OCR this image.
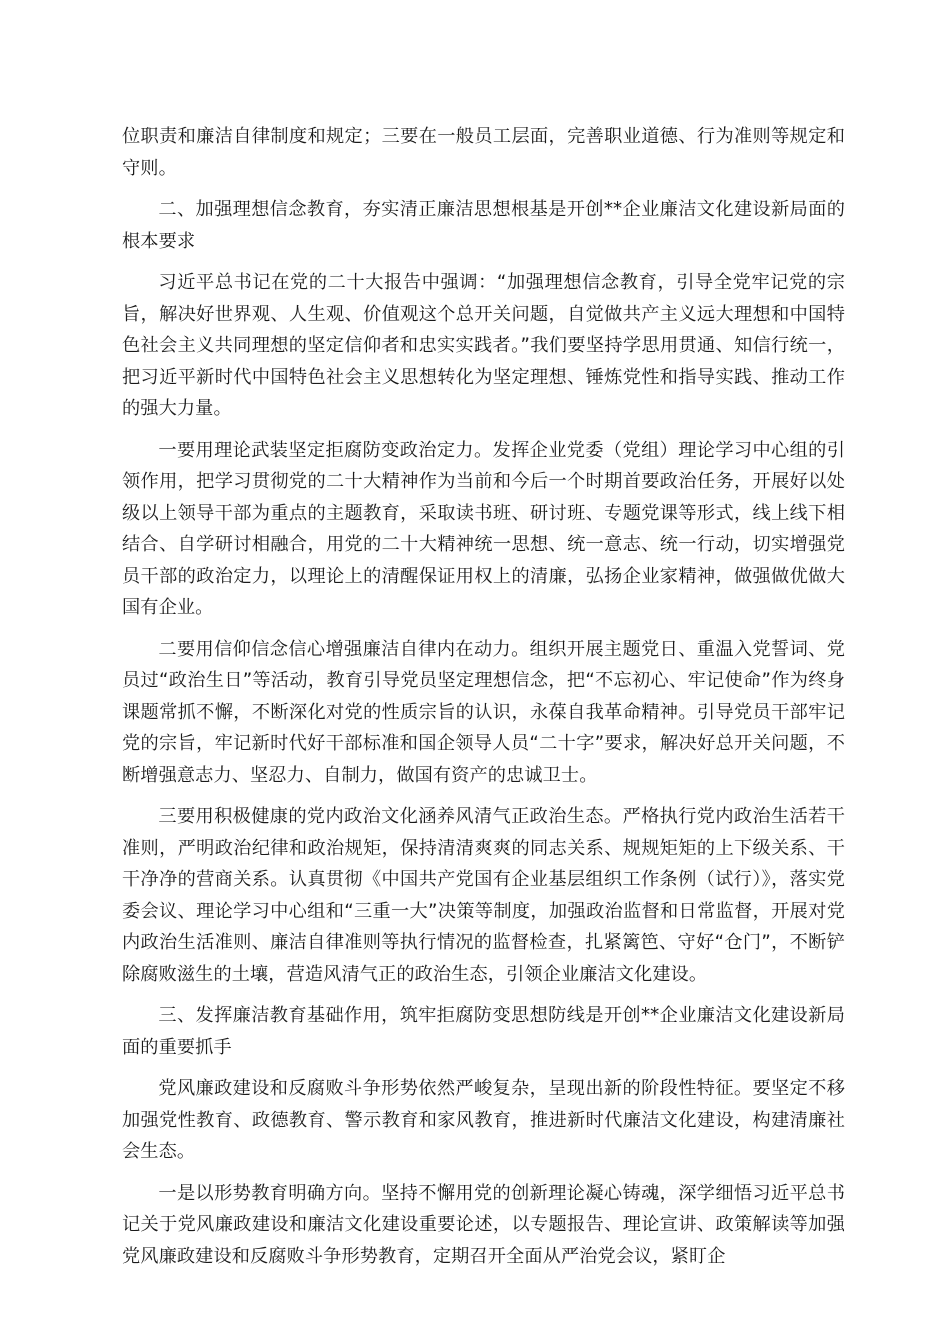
位职责和廉洁自律制度和规定；三要在一般员工层面，完善职业道德、行为准则等规定和守则。

二、加强理想信念教育，夯实清正廉洁思想根基是开创**企业廉洁文化建设新局面的根本要求

习近平总书记在党的二十大报告中强调：“加强理想信念教育，引导全党牢记党的宗旨，解决好世界观、人生观、价值观这个总开关问题，自觉做共产主义远大理想和中国特色社会主义共同理想的坚定信仰者和忠实实践者。”我们要坚持学思用贯通、知信行统一，把习近平新时代中国特色社会主义思想转化为坚定理想、锤炼党性和指导实践、推动工作的强大力量。

一要用理论武装坚定拒腐防变政治定力。发挥企业党委（党组）理论学习中心组的引领作用，把学习贯彻党的二十大精神作为当前和今后一个时期首要政治任务，开展好以处级以上领导干部为重点的主题教育，采取读书班、研讨班、专题党课等形式，线上线下相结合、自学研讨相融合，用党的二十大精神统一思想、统一意志、统一行动，切实增强党员干部的政治定力，以理论上的清醒保证用权上的清廉，弘扬企业家精神，做强做优做大国有企业。

二要用信仰信念信心增强廉洁自律内在动力。组织开展主题党日、重温入党誓词、党员过“政治生日”等活动，教育引导党员坚定理想信念，把“不忘初心、牢记使命”作为终身课题常抓不懈，不断深化对党的性质宗旨的认识，永葆自我革命精神。引导党员干部牢记党的宗旨，牢记新时代好干部标准和国企领导人员“二十字”要求，解决好总开关问题，不断增强意志力、坚忍力、自制力，做国有资产的忠诚卫士。

三要用积极健康的党内政治文化涵养风清气正政治生态。严格执行党内政治生活若干准则，严明政治纪律和政治规矩，保持清清爽爽的同志关系、规规矩矩的上下级关系、干干净净的营商关系。认真贯彻《中国共产党国有企业基层组织工作条例（试行）》，落实党委会议、理论学习中心组和“三重一大”决策等制度，加强政治监督和日常监督，开展对党内政治生活准则、廉洁自律准则等执行情况的监督检查，扎紧篱笆、守好“仓门”，不断铲除腐败滋生的土壤，营造风清气正的政治生态，引领企业廉洁文化建设。

三、发挥廉洁教育基础作用，筑牢拒腐防变思想防线是开创**企业廉洁文化建设新局面的重要抓手

党风廉政建设和反腐败斗争形势依然严峻复杂，呈现出新的阶段性特征。要坚定不移加强党性教育、政德教育、警示教育和家风教育，推进新时代廉洁文化建设，构建清廉社会生态。

一是以形势教育明确方向。坚持不懈用党的创新理论凝心铸魂，深学细悟习近平总书记关于党风廉政建设和廉洁文化建设重要论述，以专题报告、理论宣讲、政策解读等加强党风廉政建设和反腐败斗争形势教育，定期召开全面从严治党会议，紧盯企
